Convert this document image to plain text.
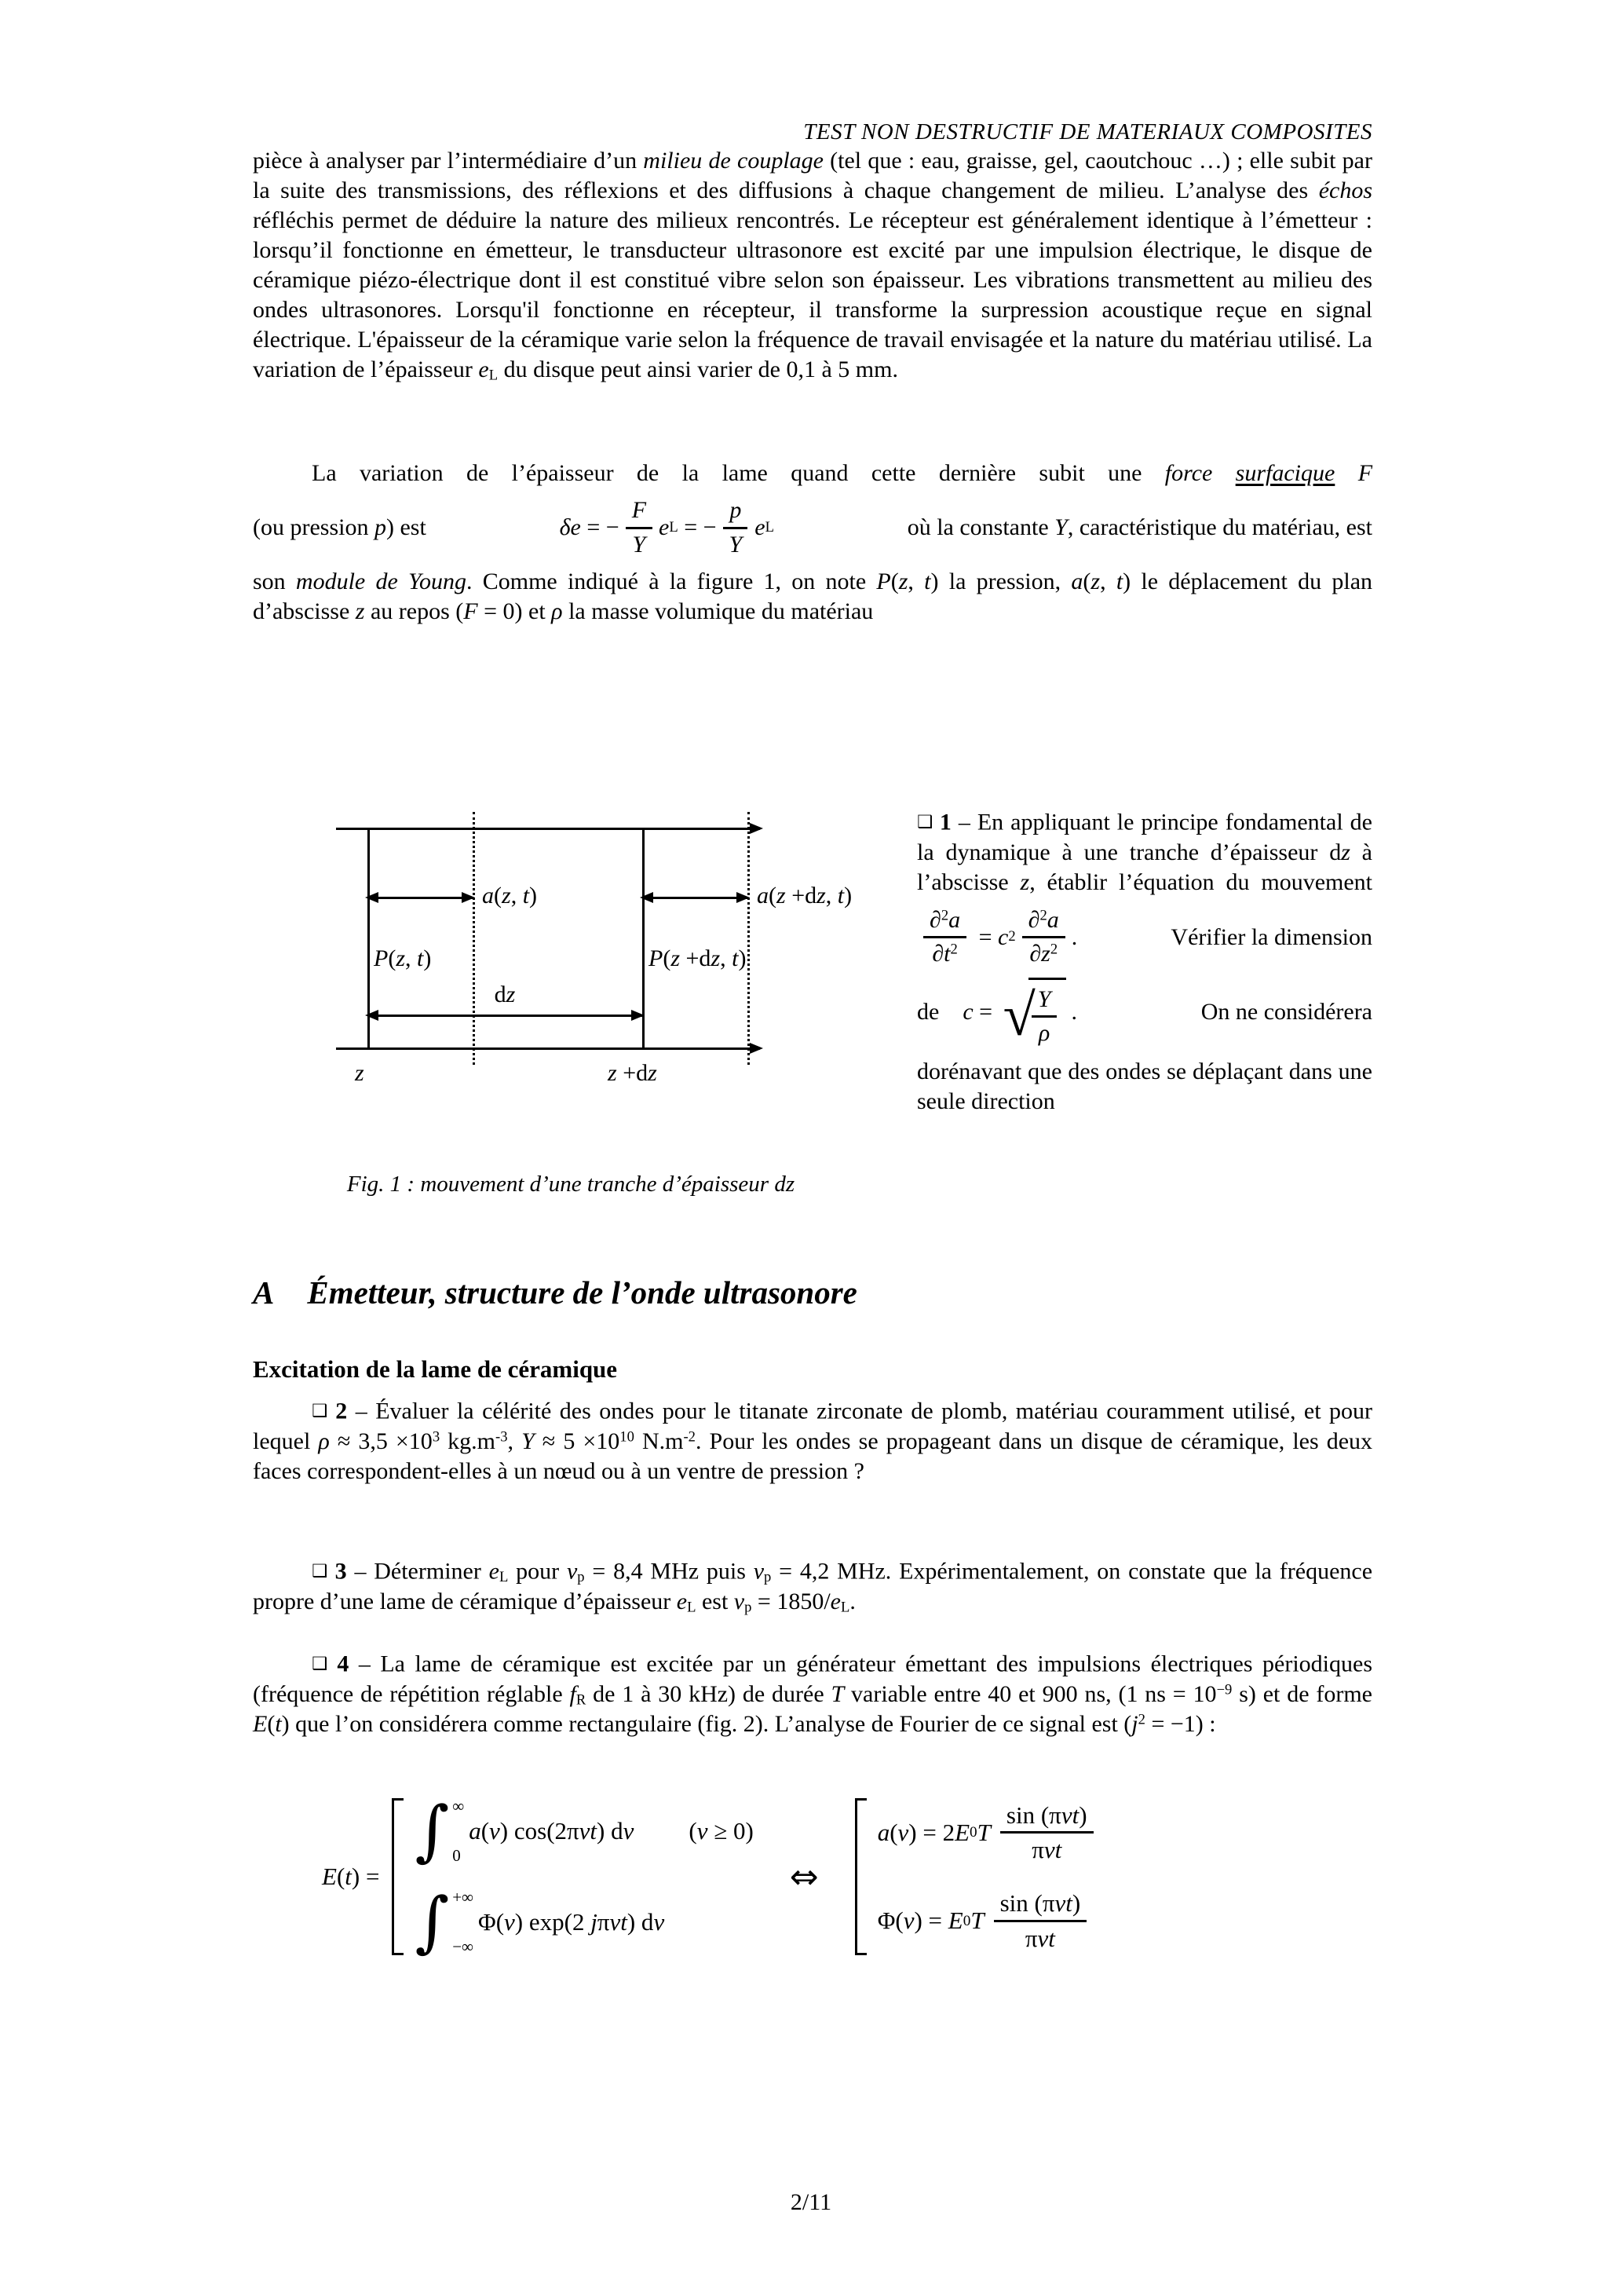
TEST NON DESTRUCTIF DE MATERIAUX COMPOSITES
pièce à analyser par l’intermédiaire d’un milieu de couplage (tel que : eau, graisse, gel, caoutchouc …) ; elle subit par la suite des transmissions, des réflexions et des diffusions à chaque changement de milieu. L’analyse des échos réfléchis permet de déduire la nature des milieux rencontrés. Le récepteur est généralement identique à l’émetteur : lorsqu’il fonctionne en émetteur, le transducteur ultrasonore est excité par une impulsion électrique, le disque de céramique piézo-électrique dont il est constitué vibre selon son épaisseur. Les vibrations transmettent au milieu des ondes ultrasonores. Lorsqu'il fonctionne en récepteur, il transforme la surpression acoustique reçue en signal électrique. L'épaisseur de la céramique varie selon la fréquence de travail envisagée et la nature du matériau utilisé. La variation de l’épaisseur eL du disque peut ainsi varier de 0,1 à 5 mm.
La variation de l’épaisseur de la lame quand cette dernière subit une force surfacique F
(ou pression p) est	δe = − $\frac{F}{Y}$ e L = − $\frac{p}{Y}$ e L	où la constante Y, caractéristique du matériau, est
son module de Young. Comme indiqué à la figure 1, on note P(z, t) la pression, a(z, t) le déplacement du plan d’abscisse z au repos (F = 0) et ρ la masse volumique du matériau
a(z, t)	a(z +dz, t)
P(z, t)	P(z +dz, t)
dz
z	z +dz
Fig. 1 : mouvement d’une tranche d’épaisseur dz
❑ 1 – En appliquant le principe fondamental de la dynamique à une tranche d’épaisseur dz à l’abscisse z, établir l’équation du mouvement
$\frac{\partial^2a}{\partial t^2} = c$ $2 \frac{\partial^2a}{\partial z^2}$ .	Vérifier la dimension
de c = √
$\frac{Y}{\rho}$ .	On ne considérera
dorénavant que des ondes se déplaçant dans une seule direction
A Émetteur, structure de l’onde ultrasonore
Excitation de la lame de céramique
❑ 2 – Évaluer la célérité des ondes pour le titanate zirconate de plomb, matériau couramment utilisé, et pour lequel $\rho \approx 3,5 \times 10^3$ $kg.m^{-3}$, $Y \approx 5 \times 10^{10}$ $N.m^{-2}$. Pour les ondes se propageant dans un disque de céramique, les deux faces correspondent-elles à un nœud ou à un ventre de pression ?
❑ 3 – Déterminer eL pour νp = 8,4 MHz puis νp = 4,2 MHz. Expérimentalement, on constate que la fréquence propre d’une lame de céramique d’épaisseur eL est νp = 1850/eL.
❑ 4 – La lame de céramique est excitée par un générateur émettant des impulsions électriques périodiques (fréquence de répétition réglable fR de 1 à 30 kHz) de durée T variable entre 40 et 900 ns, (1 ns = $10^{-9}$ s) et de forme E(t) que l’on considérera comme rectangulaire (fig. 2). L’analyse de Fourier de ce signal est $(j^2 = -1)$ :
E ( t ) =
∫ ∞
0
a ( ν ) cos(2π νt ) d ν ( ν ≥ 0)
∫ +∞
−∞
Φ( ν ) exp(2 j π νt ) d ν
⇔
a ( ν ) = 2 E 0 T $\frac{\text{sin (πνt)}}{\text{πνt}}$
Φ( ν ) = E 0 T $\frac{\text{sin (πνt)}}{\text{πνt}}$
2/11
